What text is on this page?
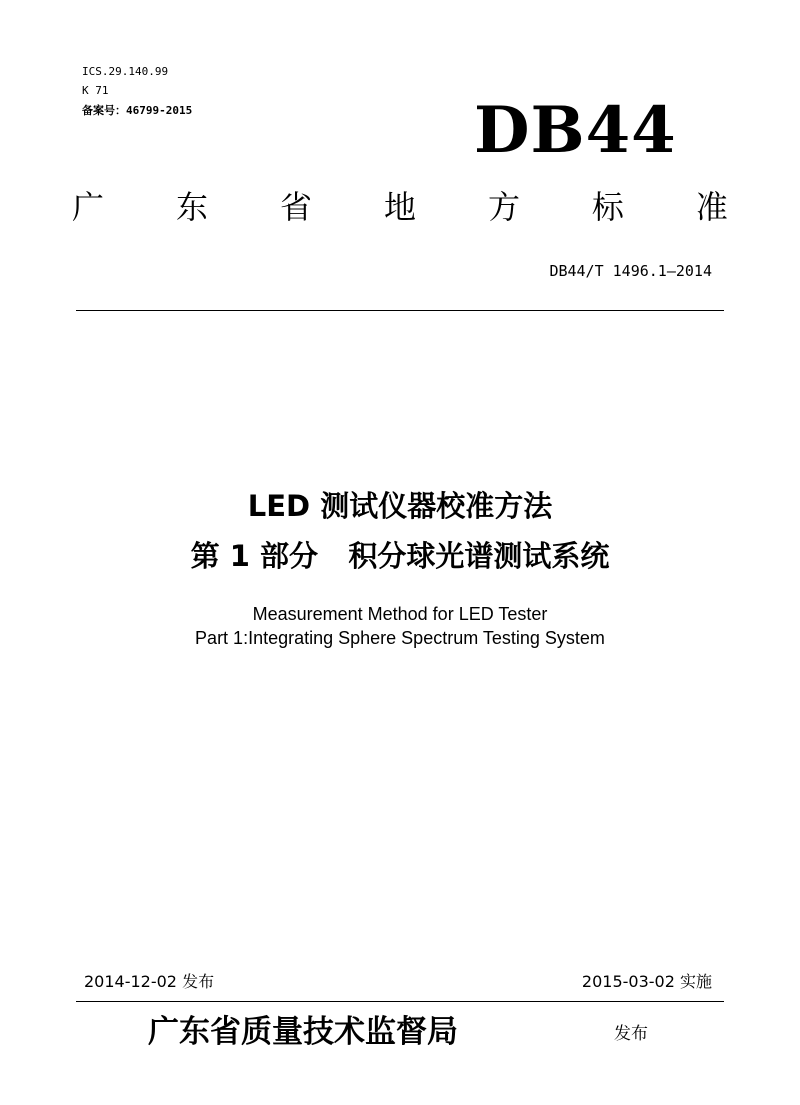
ICS.29.140.99

K 71

备案号：46799-2015	DB44
广 东 省 地 方 标 准

DB44/T 1496.1—2014

LED 测试仪器校准方法
第 1 部分   积分球光谱测试系统

Measurement Method for LED Tester

Part 1:Integrating Sphere Spectrum Testing System

2014-12-02 发布	2015-03-02 实施

广东省质量技术监督局	发布
